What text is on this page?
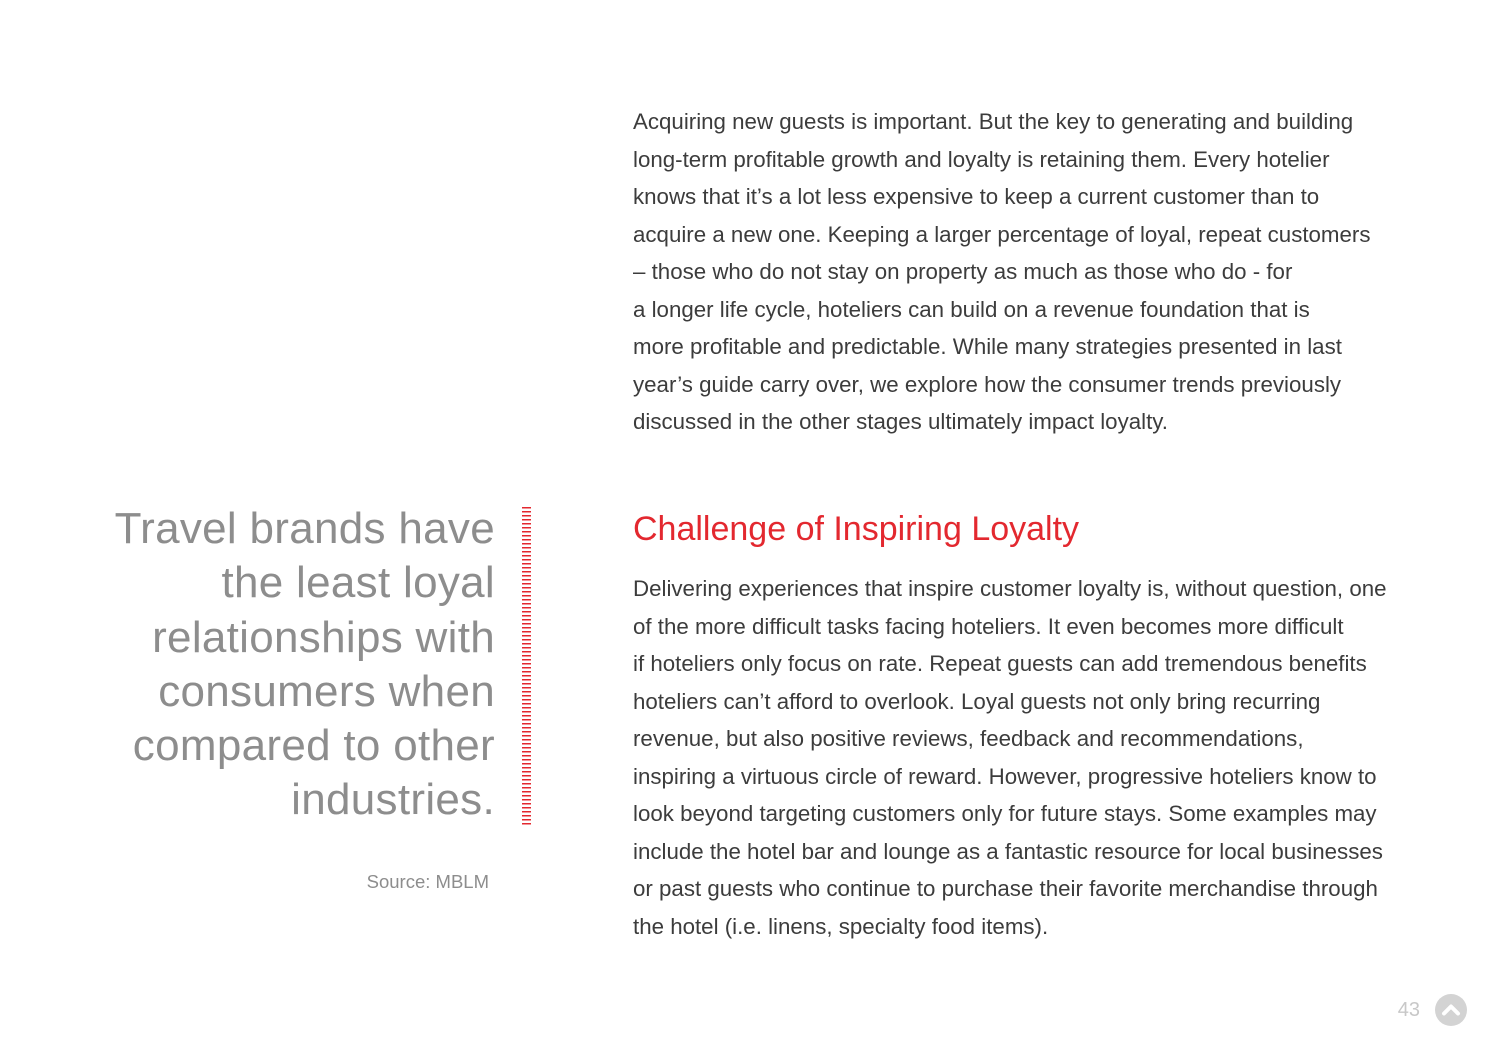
Acquiring new guests is important. But the key to generating and building
long-term profitable growth and loyalty is retaining them. Every hotelier
knows that it’s a lot less expensive to keep a current customer than to
acquire a new one. Keeping a larger percentage of loyal, repeat customers
– those who do not stay on property as much as those who do - for
a longer life cycle, hoteliers can build on a revenue foundation that is
more profitable and predictable. While many strategies presented in last
year’s guide carry over, we explore how the consumer trends previously
discussed in the other stages ultimately impact loyalty.

Challenge of Inspiring Loyalty

Delivering experiences that inspire customer loyalty is, without question, one
of the more difficult tasks facing hoteliers. It even becomes more difficult
if hoteliers only focus on rate. Repeat guests can add tremendous benefits
hoteliers can’t afford to overlook. Loyal guests not only bring recurring
revenue, but also positive reviews, feedback and recommendations,
inspiring a virtuous circle of reward. However, progressive hoteliers know to
look beyond targeting customers only for future stays. Some examples may
include the hotel bar and lounge as a fantastic resource for local businesses
or past guests who continue to purchase their favorite merchandise through
the hotel (i.e. linens, specialty food items).

Travel brands have
the least loyal
relationships with
consumers when
compared to other
industries.

Source: MBLM

43
